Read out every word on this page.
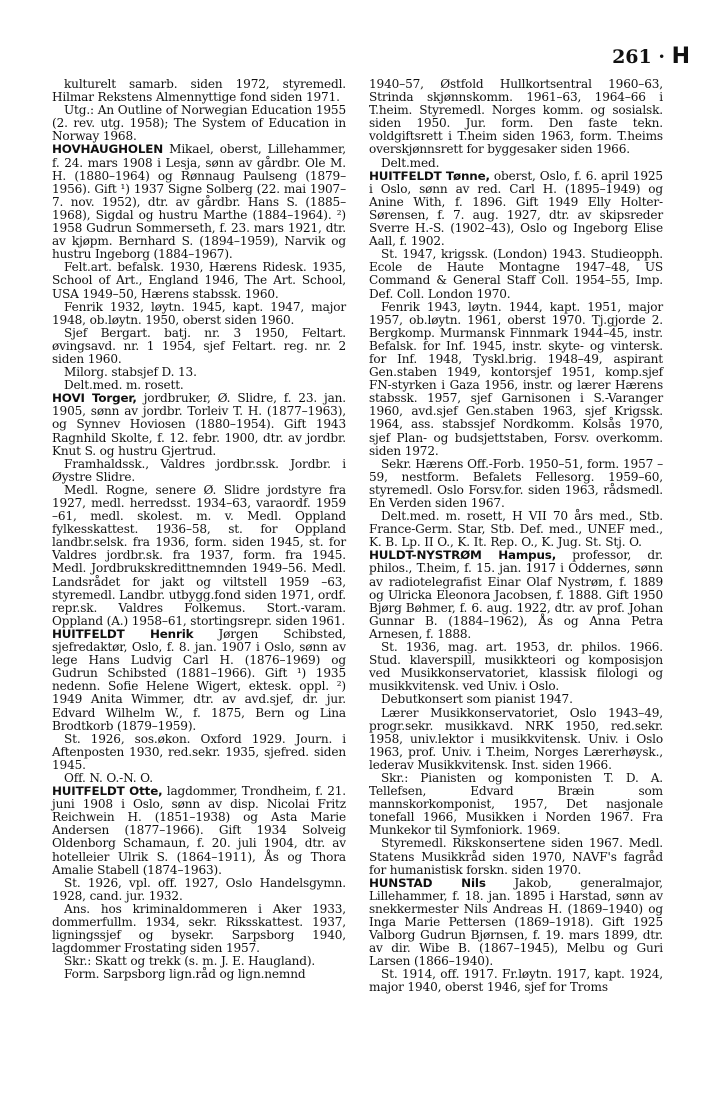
261 · H

kulturelt samarb. siden 1972, styremedl. Hilmar Rekstens Almennyttige fond siden 1971.

Utg.: An Outline of Norwegian Education 1955 (2. rev. utg. 1958); The System of Education in Norway 1968.

HOVHAUGHOLEN Mikael, oberst, Lillehammer, f. 24. mars 1908 i Lesja, sønn av gårdbr. Ole M. H. (1880–1964) og Rønnaug Paulseng (1879–1956). Gift ¹) 1937 Signe Solberg (22. mai 1907–7. nov. 1952), dtr. av gårdbr. Hans S. (1885–1968), Sigdal og hustru Marthe (1884–1964). ²) 1958 Gudrun Sommerseth, f. 23. mars 1921, dtr. av kjøpm. Bernhard S. (1894–1959), Narvik og hustru Ingeborg (1884–1967).

Felt.art. befalsk. 1930, Hærens Ridesk. 1935, School of Art., England 1946, The Art. School, USA 1949–50, Hærens stabssk. 1960.

Fenrik 1932, løytn. 1945, kapt. 1947, major 1948, ob.løytn. 1950, oberst siden 1960.

Sjef Bergart. batj. nr. 3 1950, Feltart. øvingsavd. nr. 1 1954, sjef Feltart. reg. nr. 2 siden 1960.

Milorg. stabsjef D. 13.

Delt.med. m. rosett.

HOVI Torger, jordbruker, Ø. Slidre, f. 23. jan. 1905, sønn av jordbr. Torleiv T. H. (1877–1963), og Synnev Hoviosen (1880–1954). Gift 1943 Ragnhild Skolte, f. 12. febr. 1900, dtr. av jordbr. Knut S. og hustru Gjertrud.

Framhaldssk., Valdres jordbr.ssk. Jordbr. i Øystre Slidre.

Medl. Rogne, senere Ø. Slidre jordstyre fra 1927, medl. herredsst. 1934–63, varaordf. 1959 –61, medl. skolest. m. v. Medl. Oppland fylkesskattest. 1936–58, st. for Oppland landbr.selsk. fra 1936, form. siden 1945, st. for Valdres jordbr.sk. fra 1937, form. fra 1945. Medl. Jordbrukskredittnemnden 1949–56. Medl. Landsrådet for jakt og viltstell 1959 –63, styremedl. Landbr. utbygg.fond siden 1971, ordf. repr.sk. Valdres Folkemus. Stort.-varam. Oppland (A.) 1958–61, stortingsrepr. siden 1961.

HUITFELDT Henrik Jørgen Schibsted, sjefredaktør, Oslo, f. 8. jan. 1907 i Oslo, sønn av lege Hans Ludvig Carl H. (1876–1969) og Gudrun Schibsted (1881–1966). Gift ¹) 1935 nedenn. Sofie Helene Wigert, ektesk. oppl. ²) 1949 Anita Wimmer, dtr. av avd.sjef, dr. jur. Edvard Wilhelm W., f. 1875, Bern og Lina Brodtkorb (1879–1959).

St. 1926, sos.økon. Oxford 1929. Journ. i Aftenposten 1930, red.sekr. 1935, sjefred. siden 1945.

Off. N. O.-N. O.

HUITFELDT Otte, lagdommer, Trondheim, f. 21. juni 1908 i Oslo, sønn av disp. Nicolai Fritz Reichwein H. (1851–1938) og Asta Marie Andersen (1877–1966). Gift 1934 Solveig Oldenborg Schamaun, f. 20. juli 1904, dtr. av hotelleier Ulrik S. (1864–1911), Ås og Thora Amalie Stabell (1874–1963).

St. 1926, vpl. off. 1927, Oslo Handelsgymn. 1928, cand. jur. 1932.

Ans. hos kriminaldommeren i Aker 1933, dommerfullm. 1934, sekr. Riksskattest. 1937, ligningssjef og bysekr. Sarpsborg 1940, lagdommer Frostating siden 1957.

Skr.: Skatt og trekk (s. m. J. E. Haugland).

Form. Sarpsborg lign.råd og lign.nemnd

1940–57, Østfold Hullkortsentral 1960–63, Strinda skjønnskomm. 1961–63, 1964–66 i T.heim. Styremedl. Norges komm. og sosialsk. siden 1950. Jur. form. Den faste tekn. voldgiftsrett i T.heim siden 1963, form. T.heims overskjønnsrett for byggesaker siden 1966.

Delt.med.

HUITFELDT Tønne, oberst, Oslo, f. 6. april 1925 i Oslo, sønn av red. Carl H. (1895–1949) og Anine With, f. 1896. Gift 1949 Elly Holter-Sørensen, f. 7. aug. 1927, dtr. av skipsreder Sverre H.-S. (1902–43), Oslo og Ingeborg Elise Aall, f. 1902.

St. 1947, krigssk. (London) 1943. Studieopph. Ecole de Haute Montagne 1947–48, US Command & General Staff Coll. 1954–55, Imp. Def. Coll. London 1970.

Fenrik 1943, løytn. 1944, kapt. 1951, major 1957, ob.løytn. 1961, oberst 1970. Tj.gjorde 2. Bergkomp. Murmansk Finnmark 1944–45, instr. Befalsk. for Inf. 1945, instr. skyte- og vintersk. for Inf. 1948, Tyskl.brig. 1948–49, aspirant Gen.staben 1949, kontorsjef 1951, komp.sjef FN-styrken i Gaza 1956, instr. og lærer Hærens stabssk. 1957, sjef Garnisonen i S.-Varanger 1960, avd.sjef Gen.staben 1963, sjef Krigssk. 1964, ass. stabssjef Nordkomm. Kolsås 1970, sjef Plan- og budsjettstaben, Forsv. overkomm. siden 1972.

Sekr. Hærens Off.-Forb. 1950–51, form. 1957 –59, nestform. Befalets Fellesorg. 1959–60, styremedl. Oslo Forsv.for. siden 1963, rådsmedl. En Verden siden 1967.

Delt.med. m. rosett, H VII 70 års med., Stb. France-Germ. Star, Stb. Def. med., UNEF med., K. B. Lp. II O., K. It. Rep. O., K. Jug. St. Stj. O.

HULDT-NYSTRØM Hampus, professor, dr. philos., T.heim, f. 15. jan. 1917 i Oddernes, sønn av radiotelegrafist Einar Olaf Nystrøm, f. 1889 og Ulricka Eleonora Jacobsen, f. 1888. Gift 1950 Bjørg Bøhmer, f. 6. aug. 1922, dtr. av prof. Johan Gunnar B. (1884–1962), Ås og Anna Petra Arnesen, f. 1888.

St. 1936, mag. art. 1953, dr. philos. 1966. Stud. klaverspill, musikkteori og komposisjon ved Musikkonservatoriet, klassisk filologi og musikkvitensk. ved Univ. i Oslo.

Debutkonsert som pianist 1947.

Lærer Musikkonservatoriet, Oslo 1943–49, progr.sekr. musikkavd. NRK 1950, red.sekr. 1958, univ.lektor i musikkvitensk. Univ. i Oslo 1963, prof. Univ. i T.heim, Norges Lærerhøysk., lederav Musikkvitensk. Inst. siden 1966.

Skr.: Pianisten og komponisten T. D. A. Tellefsen, Edvard Bræin som mannskorkomponist, 1957, Det nasjonale tonefall 1966, Musikken i Norden 1967. Fra Munkekor til Symfoniork. 1969.

Styremedl. Rikskonsertene siden 1967. Medl. Statens Musikkråd siden 1970, NAVF's fagråd for humanistisk forskn. siden 1970.

HUNSTAD Nils Jakob, generalmajor, Lillehammer, f. 18. jan. 1895 i Harstad, sønn av snekkermester Nils Andreas H. (1869–1940) og Inga Marie Pettersen (1869–1918). Gift 1925 Valborg Gudrun Bjørnsen, f. 19. mars 1899, dtr. av dir. Wibe B. (1867–1945), Melbu og Guri Larsen (1866–1940).

St. 1914, off. 1917. Fr.løytn. 1917, kapt. 1924, major 1940, oberst 1946, sjef for Troms
